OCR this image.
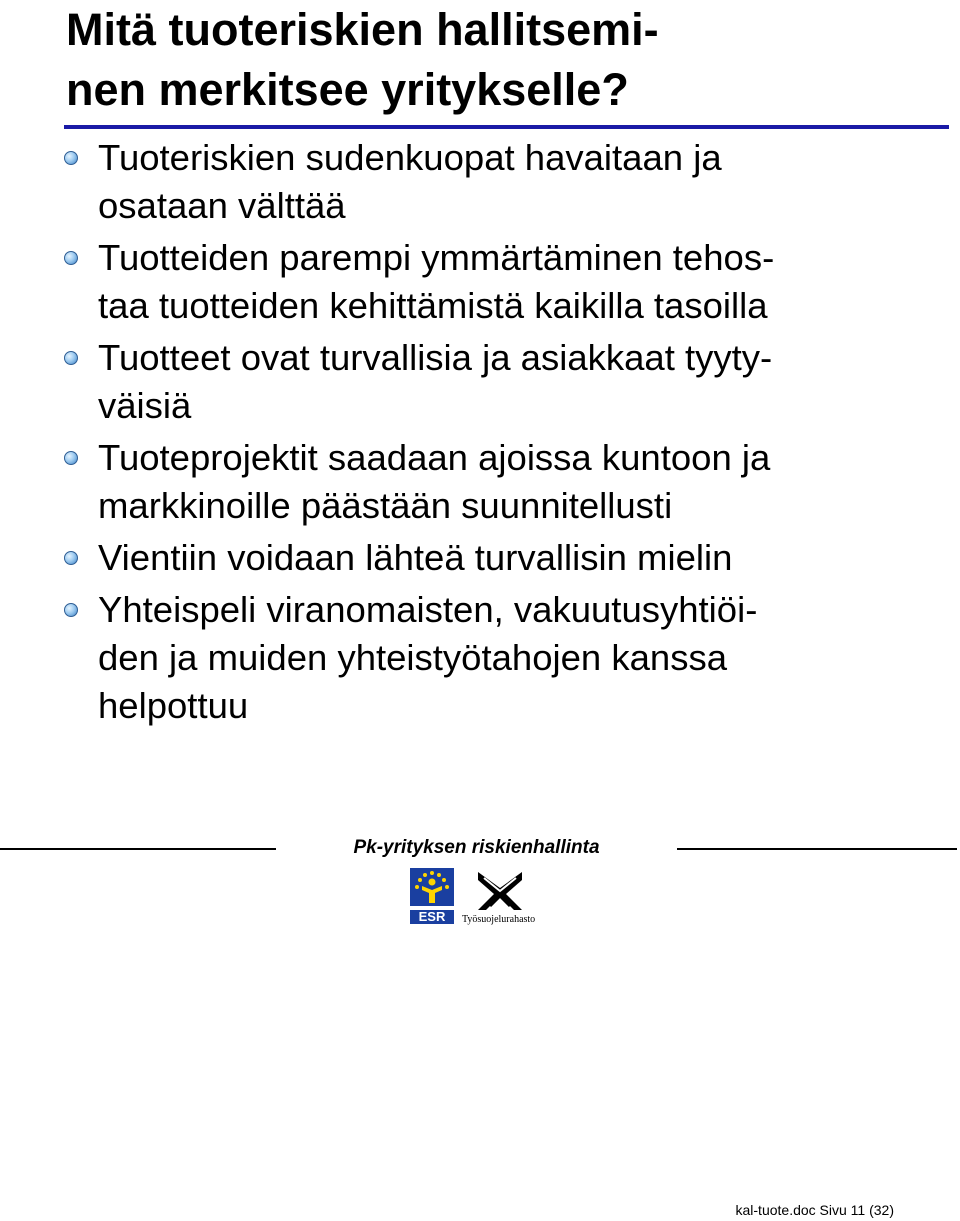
Mitä tuoteriskien hallitsemi-
nen merkitsee yritykselle?
Tuoteriskien sudenkuopat havaitaan ja
osataan välttää
Tuotteiden parempi ymmärtäminen tehos-
taa tuotteiden kehittämistä kaikilla tasoilla
Tuotteet ovat turvallisia ja asiakkaat tyyty-
väisiä
Tuoteprojektit saadaan ajoissa kuntoon ja
markkinoille päästään suunnitellusti
Vientiin voidaan lähteä turvallisin mielin
Yhteispeli viranomaisten, vakuutusyhtiöi-
den ja muiden yhteistyötahojen kanssa
helpottuu

Pk-yrityksen riskienhallinta

ESR Työsuojelurahasto
kal-tuote.doc Sivu 11 (32)
